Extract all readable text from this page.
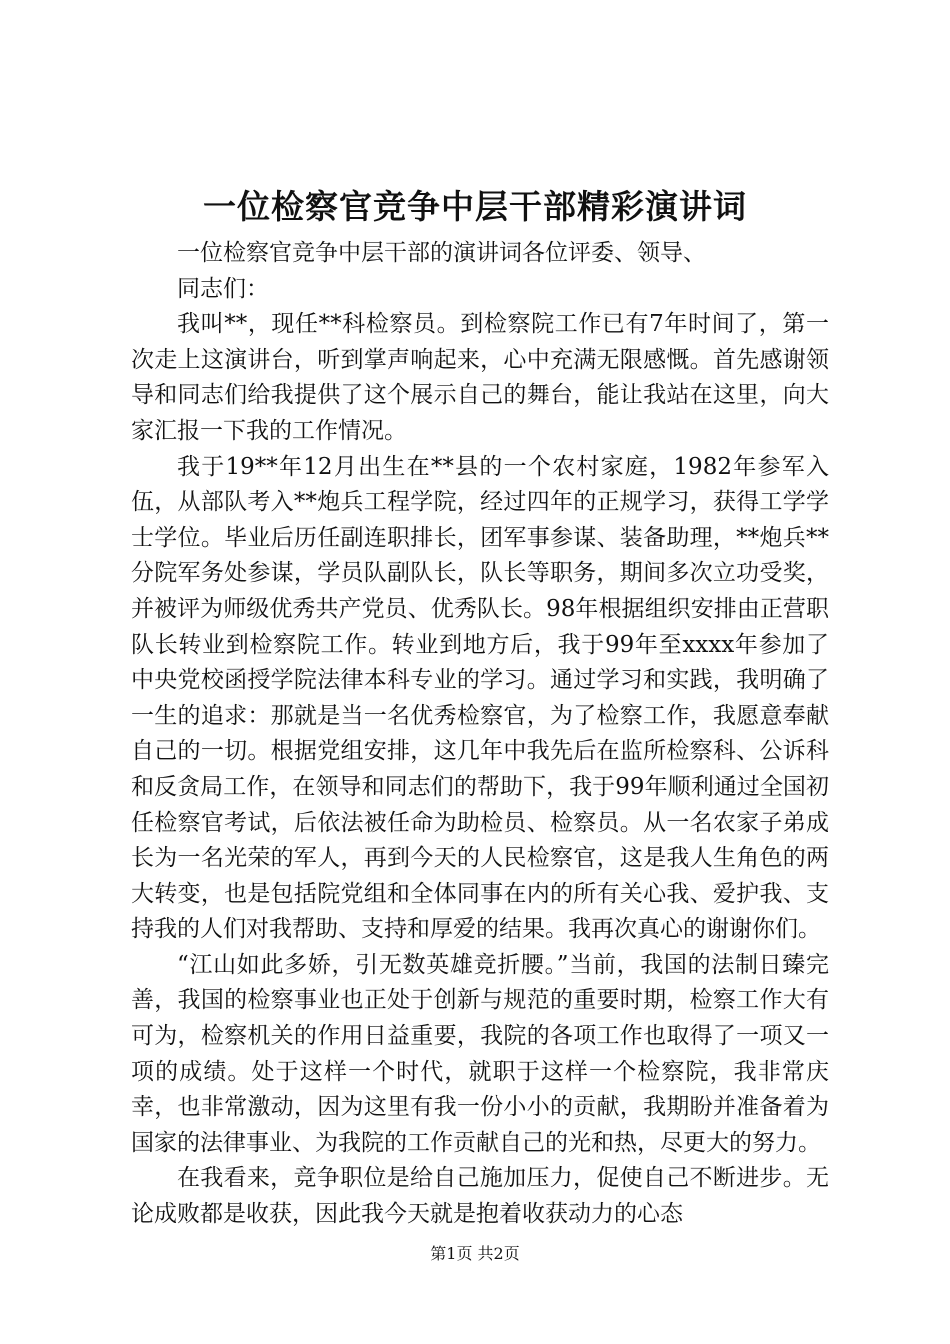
一位检察官竞争中层干部精彩演讲词

一位检察官竞争中层干部的演讲词各位评委、领导、

同志们：

我叫**，现任**科检察员。到检察院工作已有7年时间了，第一次走上这演讲台，听到掌声响起来，心中充满无限感慨。首先感谢领导和同志们给我提供了这个展示自己的舞台，能让我站在这里，向大家汇报一下我的工作情况。

我于19**年12月出生在**县的一个农村家庭，1982年参军入伍，从部队考入**炮兵工程学院，经过四年的正规学习，获得工学学士学位。毕业后历任副连职排长，团军事参谋、装备助理，**炮兵**分院军务处参谋，学员队副队长，队长等职务，期间多次立功受奖，并被评为师级优秀共产党员、优秀队长。98年根据组织安排由正营职队长转业到检察院工作。转业到地方后，我于99年至xxxx年参加了中央党校函授学院法律本科专业的学习。通过学习和实践，我明确了一生的追求：那就是当一名优秀检察官，为了检察工作，我愿意奉献自己的一切。根据党组安排，这几年中我先后在监所检察科、公诉科和反贪局工作，在领导和同志们的帮助下，我于99年顺利通过全国初任检察官考试，后依法被任命为助检员、检察员。从一名农家子弟成长为一名光荣的军人，再到今天的人民检察官，这是我人生角色的两大转变，也是包括院党组和全体同事在内的所有关心我、爱护我、支持我的人们对我帮助、支持和厚爱的结果。我再次真心的谢谢你们。

“江山如此多娇，引无数英雄竞折腰。”当前，我国的法制日臻完善，我国的检察事业也正处于创新与规范的重要时期，检察工作大有可为，检察机关的作用日益重要，我院的各项工作也取得了一项又一项的成绩。处于这样一个时代，就职于这样一个检察院，我非常庆幸，也非常激动，因为这里有我一份小小的贡献，我期盼并准备着为国家的法律事业、为我院的工作贡献自己的光和热，尽更大的努力。

在我看来，竞争职位是给自己施加压力，促使自己不断进步。无论成败都是收获，因此我今天就是抱着收获动力的心态

第1页 共2页
